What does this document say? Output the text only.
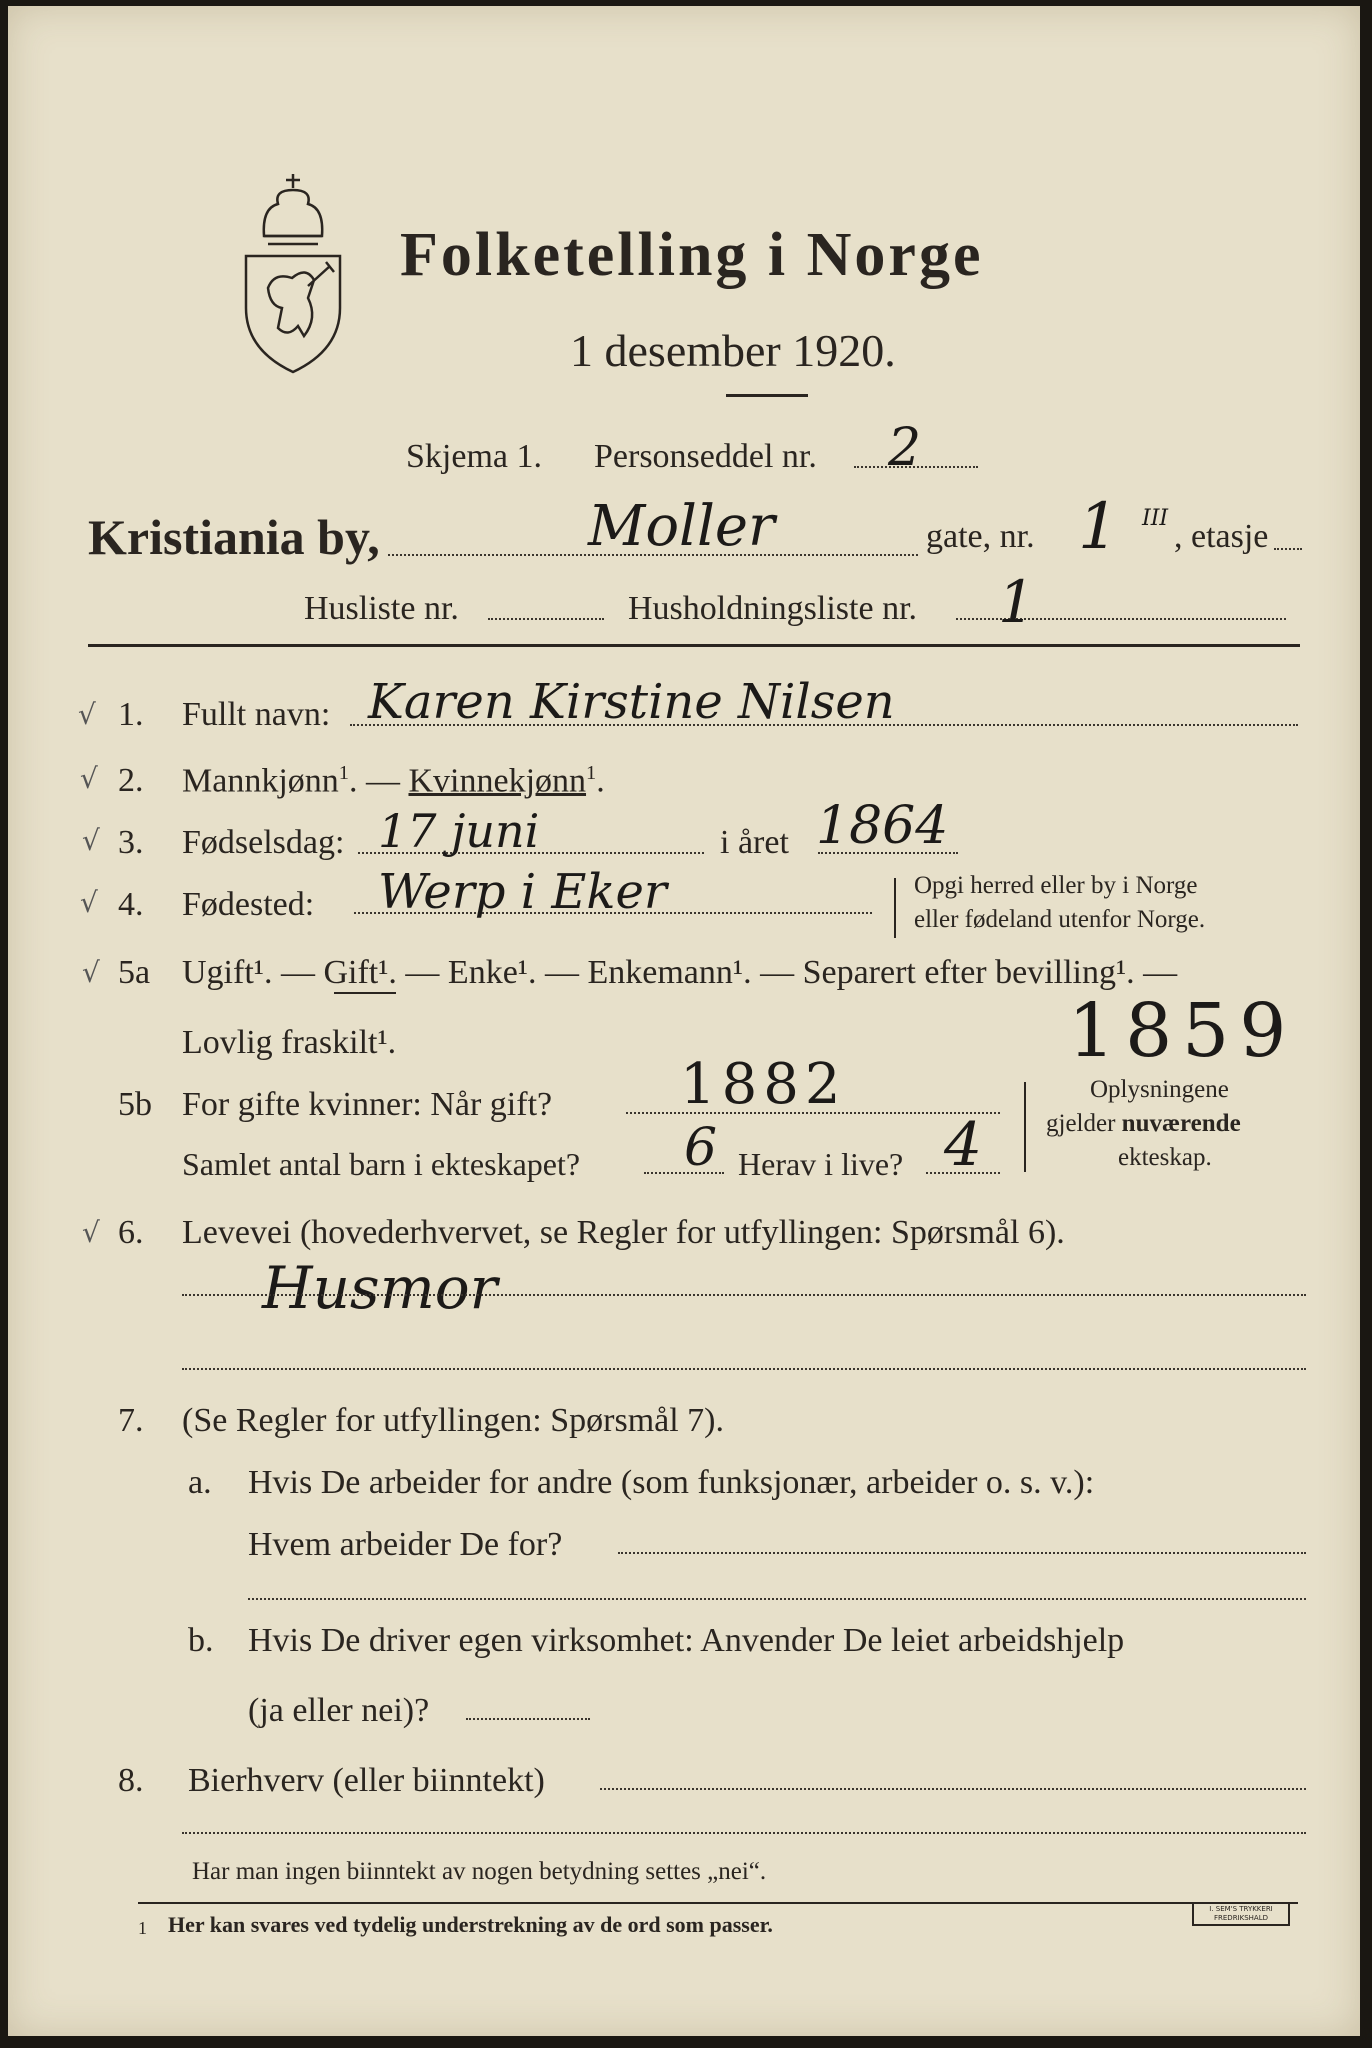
Folketelling i Norge
1 desember 1920.
Skjema 1. Personseddel nr. 2
Kristiania by,	Moller	gate, nr. 1 III , etasje
Husliste nr.	Husholdningsliste nr. 1
√ 1. Fullt navn: Karen Kirstine Nilsen
√ 2. Mannkjønn$^1$. — Kvinnekjønn$^1$.
√ 3. Fødselsdag: 17 juni	i året 1864
√ 4. Fødested: Werp i Eker	Opgi herred eller by i Norge
eller fødeland utenfor Norge.
√ 5a Ugift¹. — Gift¹. — Enke¹. — Enkemann¹. — Separert efter bevilling¹. —
Lovlig fraskilt¹.	1859
5b For gifte kvinner: Når gift? 1882
Samlet antal barn i ekteskapet? 6 Herav i live? 4
Oplysningene
gjelder nuværende
ekteskap.
√ 6. Levevei (hovederhvervet, se Regler for utfyllingen: Spørsmål 6).
Husmor
7. (Se Regler for utfyllingen: Spørsmål 7).
a. Hvis De arbeider for andre (som funksjonær, arbeider o. s. v.):
Hvem arbeider De for?
b. Hvis De driver egen virksomhet: Anvender De leiet arbeidshjelp
(ja eller nei)?
8. Bierhverv (eller biinntekt)
Har man ingen biinntekt av nogen betydning settes „nei“.
1 Her kan svares ved tydelig understrekning av de ord som passer.
I. SEM'S TRYKKERI FREDRIKSHALD
